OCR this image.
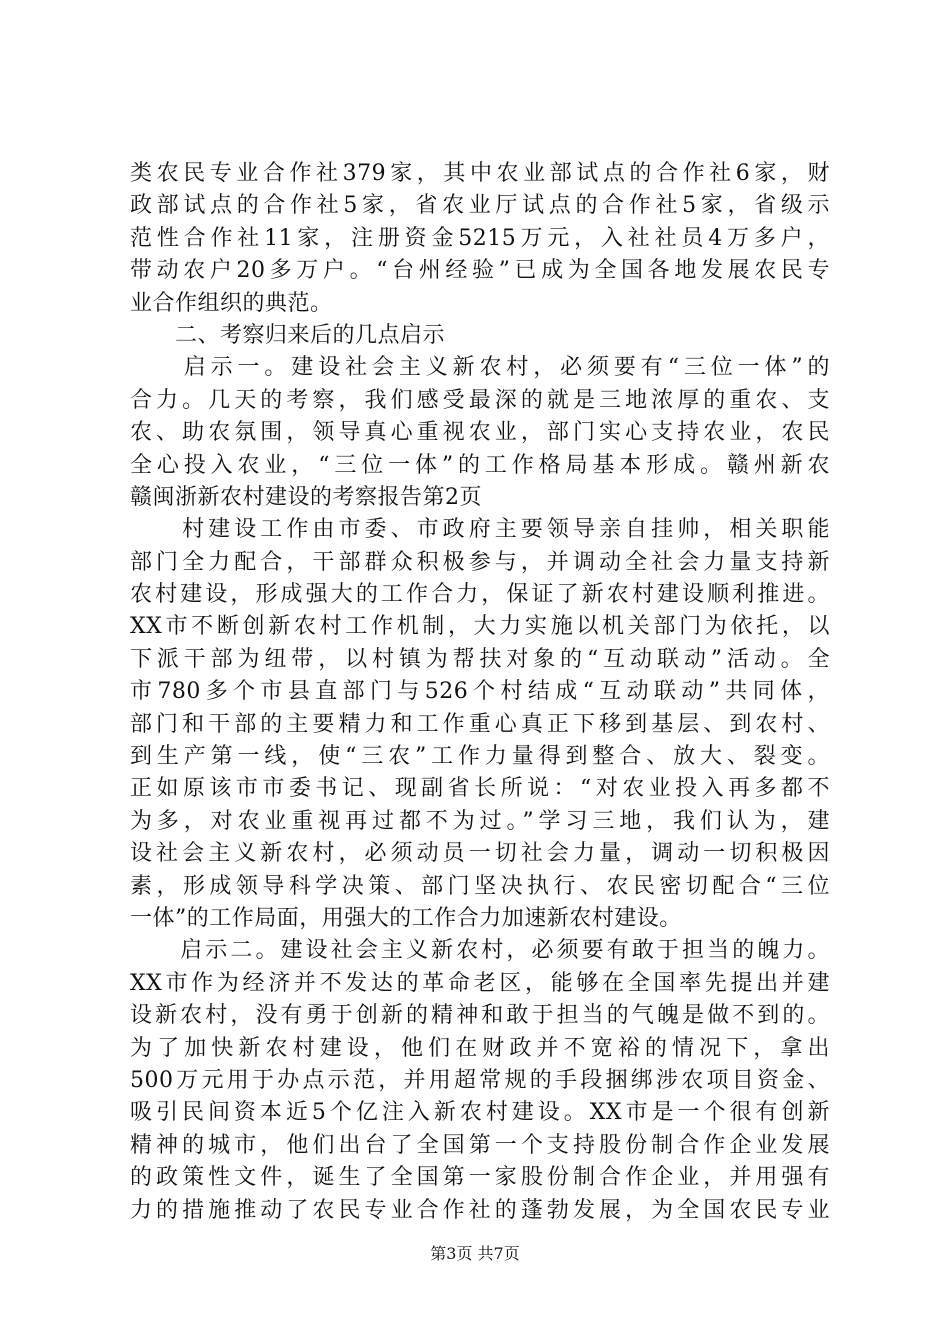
类农民专业合作社379家，其中农业部试点的合作社6家，财
政部试点的合作社5家，省农业厅试点的合作社5家，省级示
范性合作社11家，注册资金5215万元，入社社员4万多户，
带动农户20多万户。“台州经验”已成为全国各地发展农民专
业合作组织的典范。
　　二、考察归来后的几点启示
　　启示一。建设社会主义新农村，必须要有“三位一体”的
合力。几天的考察，我们感受最深的就是三地浓厚的重农、支
农、助农氛围，领导真心重视农业，部门实心支持农业，农民
全心投入农业，“三位一体”的工作格局基本形成。赣州新农
赣闽浙新农村建设的考察报告第2页
　　村建设工作由市委、市政府主要领导亲自挂帅，相关职能
部门全力配合，干部群众积极参与，并调动全社会力量支持新
农村建设，形成强大的工作合力，保证了新农村建设顺利推进。
XX市不断创新农村工作机制，大力实施以机关部门为依托，以
下派干部为纽带，以村镇为帮扶对象的“互动联动”活动。全
市780多个市县直部门与526个村结成“互动联动”共同体，
部门和干部的主要精力和工作重心真正下移到基层、到农村、
到生产第一线，使“三农”工作力量得到整合、放大、裂变。
正如原该市市委书记、现副省长所说：“对农业投入再多都不
为多，对农业重视再过都不为过。”学习三地，我们认为，建
设社会主义新农村，必须动员一切社会力量，调动一切积极因
素，形成领导科学决策、部门坚决执行、农民密切配合“三位
一体”的工作局面，用强大的工作合力加速新农村建设。
　　启示二。建设社会主义新农村，必须要有敢于担当的魄力。
XX市作为经济并不发达的革命老区，能够在全国率先提出并建
设新农村，没有勇于创新的精神和敢于担当的气魄是做不到的。
为了加快新农村建设，他们在财政并不宽裕的情况下，拿出
500万元用于办点示范，并用超常规的手段捆绑涉农项目资金、
吸引民间资本近5个亿注入新农村建设。XX市是一个很有创新
精神的城市，他们出台了全国第一个支持股份制合作企业发展
的政策性文件，诞生了全国第一家股份制合作企业，并用强有
力的措施推动了农民专业合作社的蓬勃发展，为全国农民专业
第3页 共7页
